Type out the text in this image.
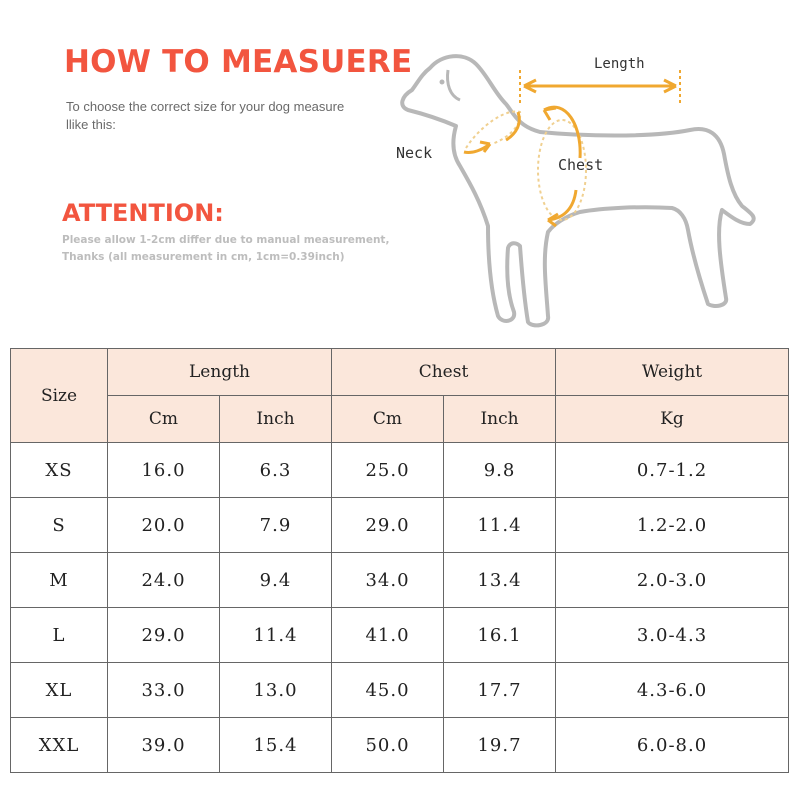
HOW TO MEASUERE
To choose the correct size for your dog measure llike this:
ATTENTION:
Please allow 1-2cm differ due to manual measurement, Thanks (all measurement in cm, 1cm=0.39inch)
Length
Neck
Chest
Size	Length		Chest		Weight
	Cm	Inch	Cm	Inch	Kg
XS	16.0	6.3	25.0	9.8	0.7-1.2
S	20.0	7.9	29.0	11.4	1.2-2.0
M	24.0	9.4	34.0	13.4	2.0-3.0
L	29.0	11.4	41.0	16.1	3.0-4.3
XL	33.0	13.0	45.0	17.7	4.3-6.0
XXL	39.0	15.4	50.0	19.7	6.0-8.0
